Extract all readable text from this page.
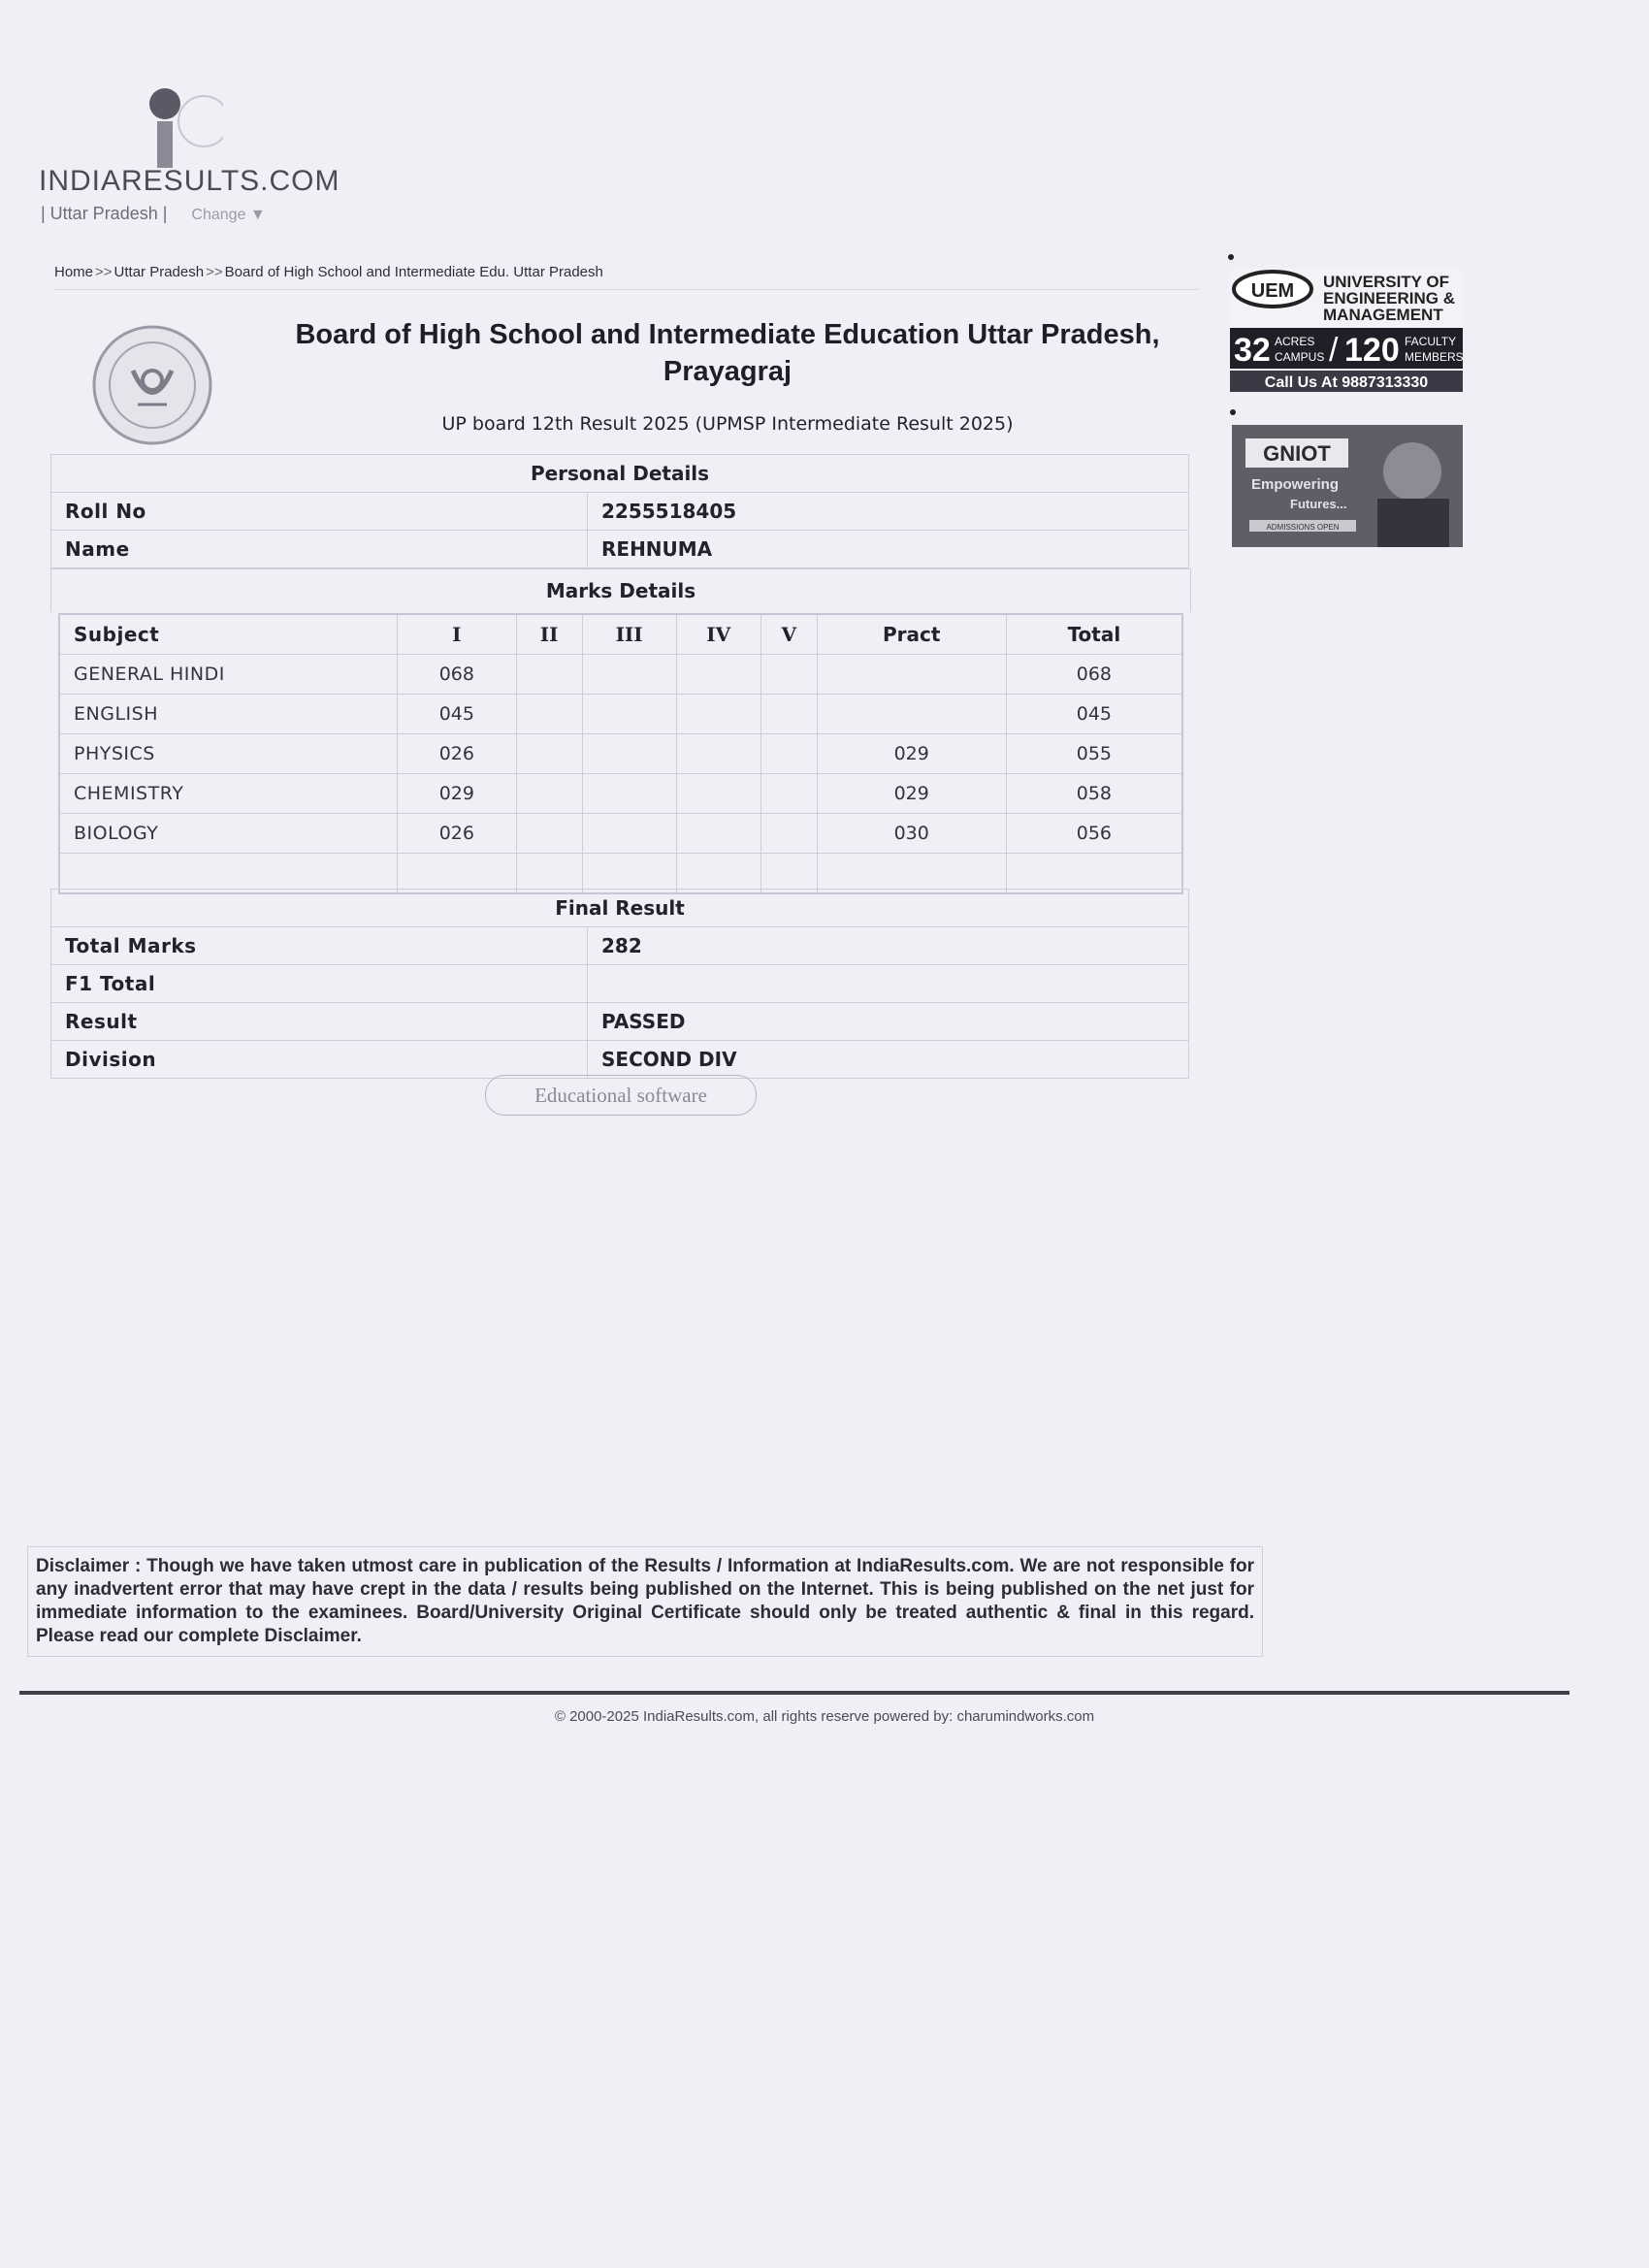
INDIARESULTS.COM
| Uttar Pradesh | Change ▼
Home >> Uttar Pradesh >> Board of High School and Intermediate Edu. Uttar Pradesh
Board of High School and Intermediate Education Uttar Pradesh,
Prayagraj
UP board 12th Result 2025 (UPMSP Intermediate Result 2025)
Personal Details	
Roll No	2255518405
Name	REHNUMA
Marks Details
Subject	I	II	III	IV	V	Pract	Total
GENERAL HINDI	068						068
ENGLISH	045						045
PHYSICS	026					029	055
CHEMISTRY	029					029	058
BIOLOGY	026					030	056

Final Result	
Total Marks	282
F1 Total	
Result	PASSED
Division	SECOND DIV
Educational software
UEM UNIVERSITY OF
ENGINEERING &
MANAGEMENT
32 ACRES
CAMPUS / 120 FACULTY
MEMBERS
Call Us At 9887313330
GNIOT
Empowering
Futures...
ADMISSIONS OPEN
Disclaimer : Though we have taken utmost care in publication of the Results / Information at IndiaResults.com. We are not responsible for any inadvertent error that may have crept in the data / results being published on the Internet. This is being published on the net just for immediate information to the examinees. Board/University Original Certificate should only be treated authentic & final in this regard. Please read our complete Disclaimer.
© 2000-2025 IndiaResults.com, all rights reserve powered by: charumindworks.com
